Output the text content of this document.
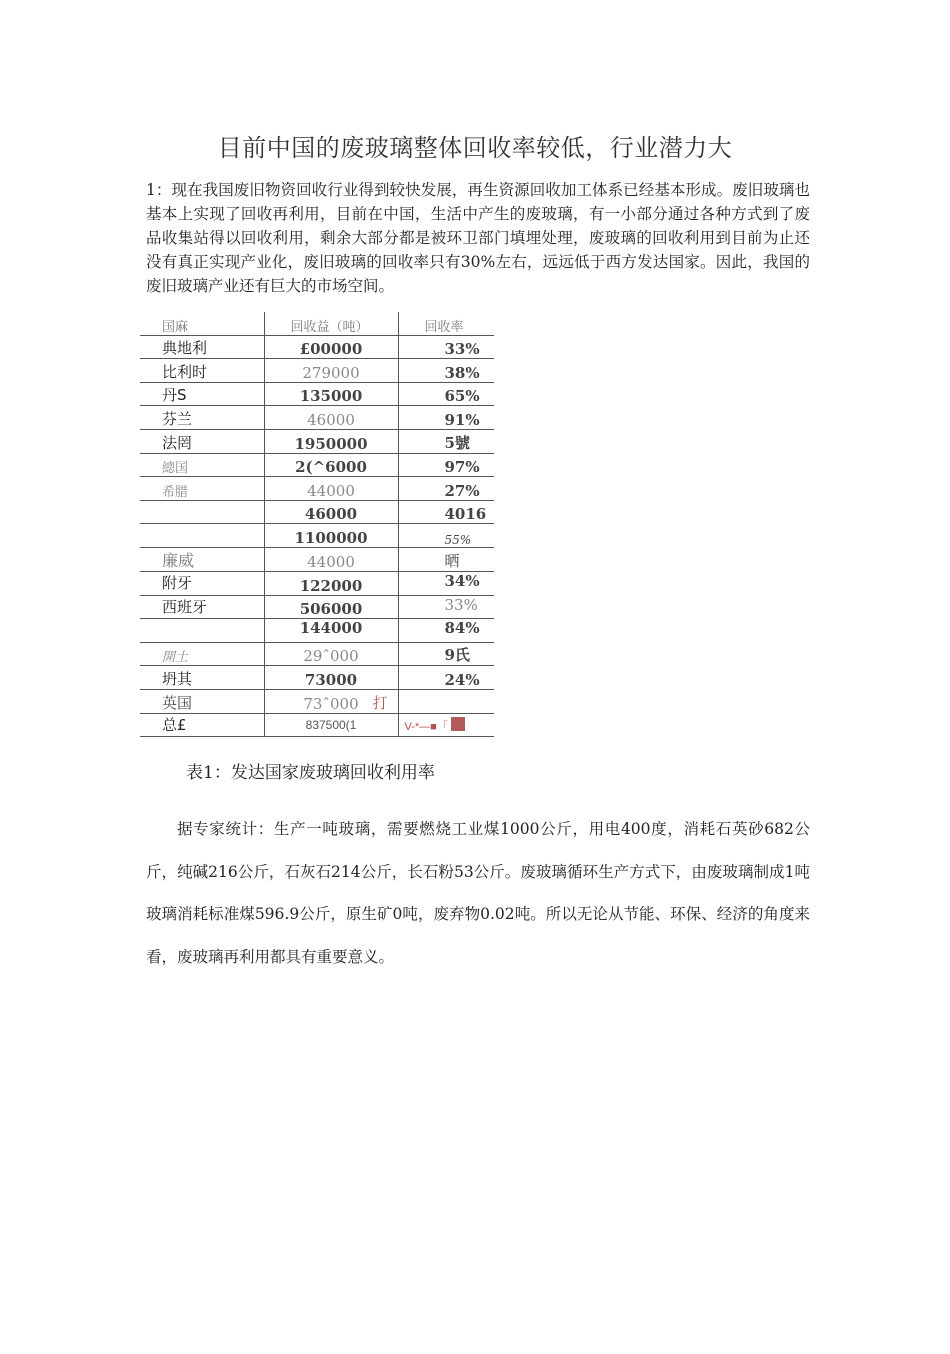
目前中国的废玻璃整体回收率较低，行业潜力大
1：现在我国废旧物资回收行业得到较快发展，再生资源回收加工体系已经基本形成。废旧玻璃也基本上实现了回收再利用，目前在中国，生活中产生的废玻璃，有一小部分通过各种方式到了废品收集站得以回收利用，剩余大部分都是被环卫部门填埋处理，废玻璃的回收利用到目前为止还没有真正实现产业化，废旧玻璃的回收率只有30%左右，远远低于西方发达国家。因此，我国的废旧玻璃产业还有巨大的市场空间。
国麻	回收益（吨）	回收率
典地利	£00000	33%
比利时	279000	38%
丹S	135000	65%
芬兰	46000	91%
法罔	1950000	5號
總国	2(^6000	97%
希腊	44000	27%
	46000	4016
	1100000	55%
廉威	44000	晒
附牙	122000	34%
西班牙	506000	33%
	144000	84%
開土	29ˆ000	9氏
坍其	73000	24%
英国	73ˆ000	打
总£	837500(1	V-*—■「
表1：发达国家废玻璃回收利用率
据专家统计：生产一吨玻璃，需要燃烧工业煤1000公斤，用电400度，消耗石英砂682公斤，纯碱216公斤，石灰石214公斤，长石粉53公斤。废玻璃循环生产方式下，由废玻璃制成1吨玻璃消耗标准煤596.9公斤，原生矿0吨，废弃物0.02吨。所以无论从节能、环保、经济的角度来看，废玻璃再利用都具有重要意义。
